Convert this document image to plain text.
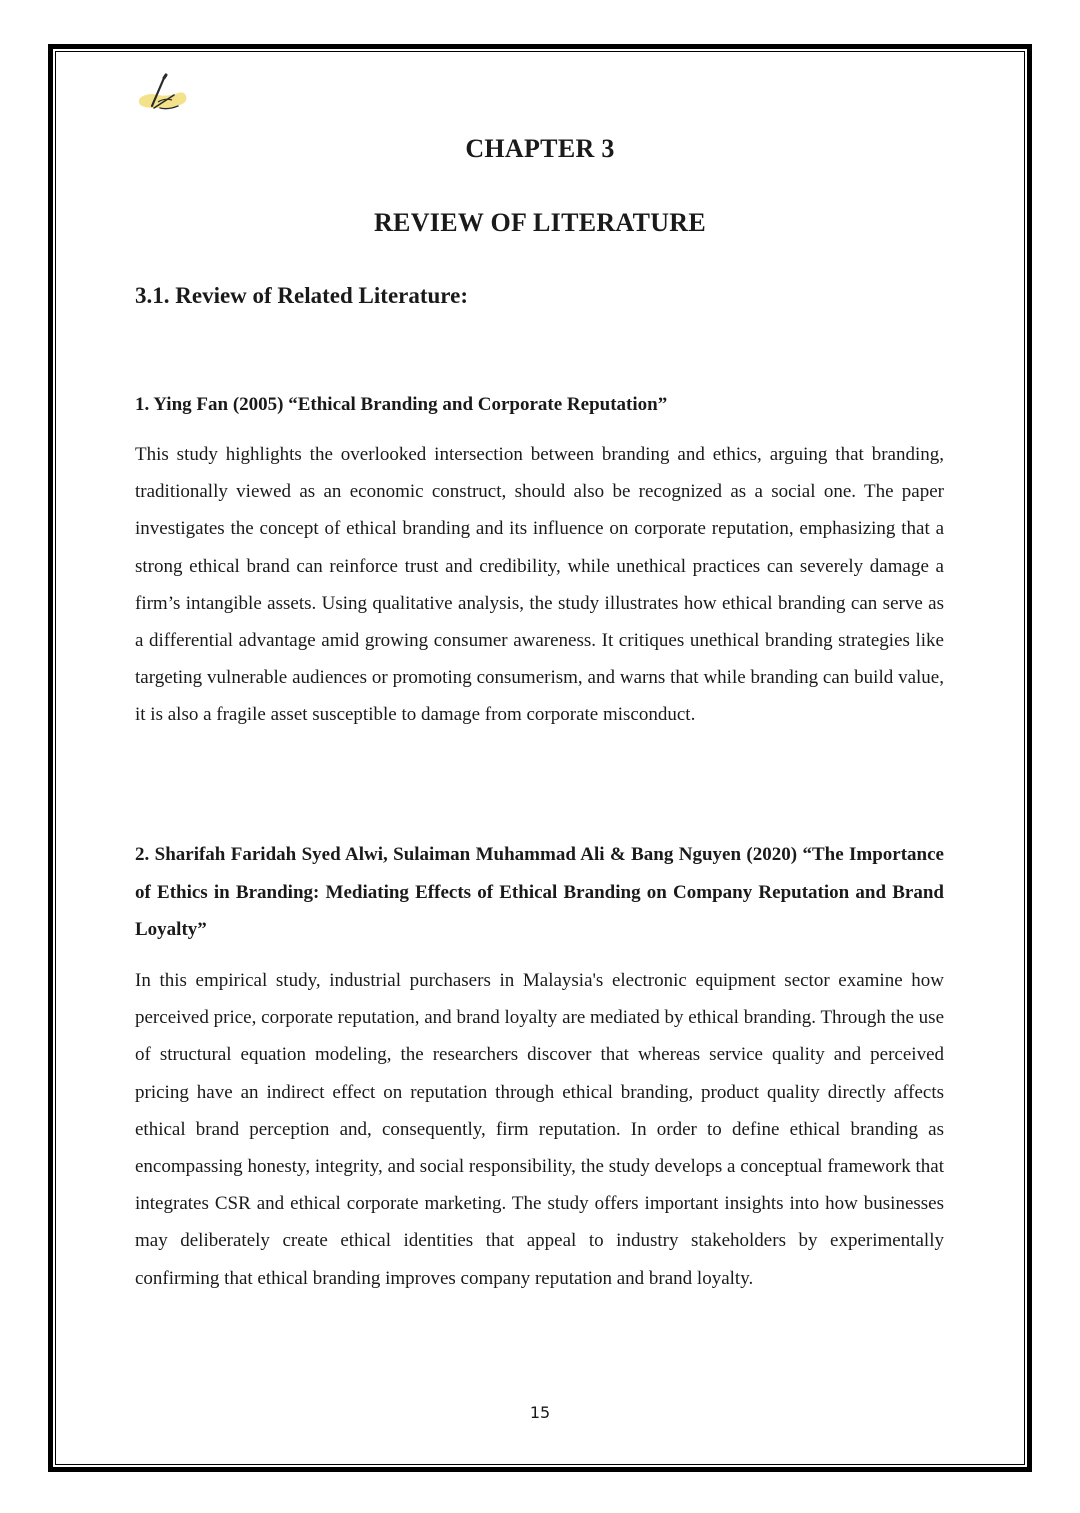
CHAPTER 3
REVIEW OF LITERATURE
3.1. Review of Related Literature:
1. Ying Fan (2005) “Ethical Branding and Corporate Reputation”
This study highlights the overlooked intersection between branding and ethics, arguing that branding, traditionally viewed as an economic construct, should also be recognized as a social one. The paper investigates the concept of ethical branding and its influence on corporate reputation, emphasizing that a strong ethical brand can reinforce trust and credibility, while unethical practices can severely damage a firm’s intangible assets. Using qualitative analysis, the study illustrates how ethical branding can serve as a differential advantage amid growing consumer awareness. It critiques unethical branding strategies like targeting vulnerable audiences or promoting consumerism, and warns that while branding can build value, it is also a fragile asset susceptible to damage from corporate misconduct.
2. Sharifah Faridah Syed Alwi, Sulaiman Muhammad Ali & Bang Nguyen (2020) “The Importance of Ethics in Branding: Mediating Effects of Ethical Branding on Company Reputation and Brand Loyalty”
In this empirical study, industrial purchasers in Malaysia's electronic equipment sector examine how perceived price, corporate reputation, and brand loyalty are mediated by ethical branding. Through the use of structural equation modeling, the researchers discover that whereas service quality and perceived pricing have an indirect effect on reputation through ethical branding, product quality directly affects ethical brand perception and, consequently, firm reputation. In order to define ethical branding as encompassing honesty, integrity, and social responsibility, the study develops a conceptual framework that integrates CSR and ethical corporate marketing. The study offers important insights into how businesses may deliberately create ethical identities that appeal to industry stakeholders by experimentally confirming that ethical branding improves company reputation and brand loyalty.
15
